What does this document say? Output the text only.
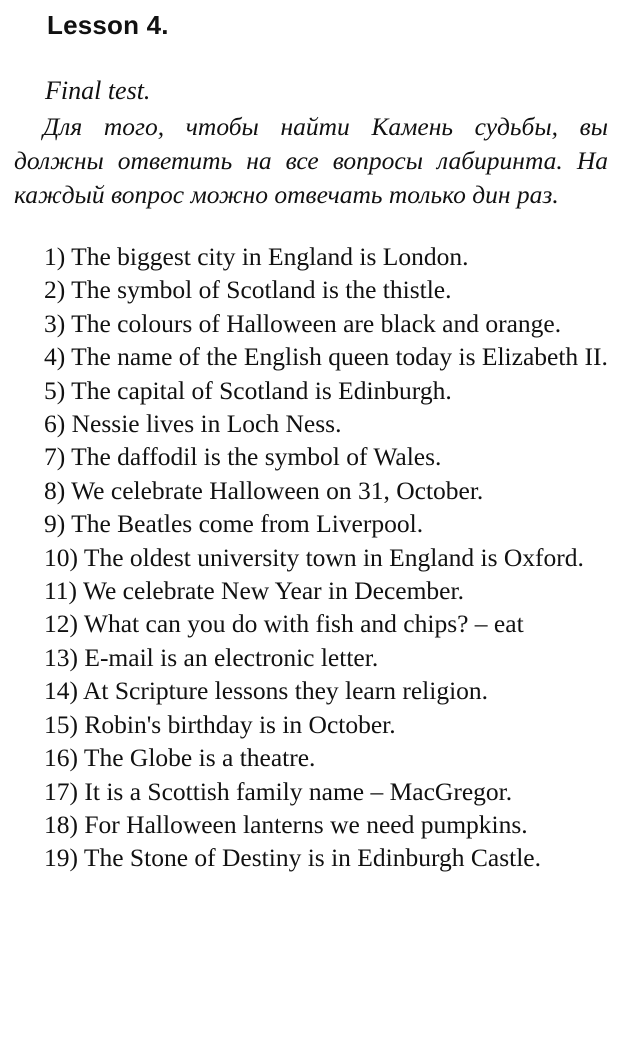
Lesson 4.
Final test.
Для того, чтобы найти Камень судьбы, вы должны ответить на все вопросы лабиринта. На каждый вопрос можно отвечать только дин раз.
1) The biggest city in England is London.
2) The symbol of Scotland is the thistle.
3) The colours of Halloween are black and orange.
4) The name of the English queen today is Elizabeth II.
5) The capital of Scotland is Edinburgh.
6) Nessie lives in Loch Ness.
7) The daffodil is the symbol of Wales.
8) We celebrate Halloween on 31, October.
9) The Beatles come from Liverpool.
10) The oldest university town in England is Oxford.
11) We celebrate New Year in December.
12) What can you do with fish and chips? – eat
13) E-mail is an electronic letter.
14) At Scripture lessons they learn religion.
15) Robin's birthday is in October.
16) The Globe is a theatre.
17) It is a Scottish family name – MacGregor.
18) For Halloween lanterns we need pumpkins.
19) The Stone of Destiny is in Edinburgh Castle.
